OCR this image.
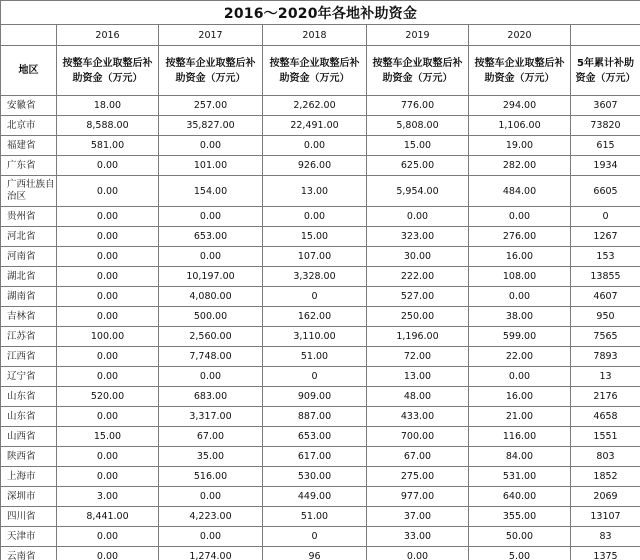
2016～2020年各地补助资金						
	2016	2017	2018	2019	2020	
地区	按整车企业取整后补助资金（万元）	按整车企业取整后补助资金（万元）	按整车企业取整后补助资金（万元）	按整车企业取整后补助资金（万元）	按整车企业取整后补助资金（万元）	5年累计补助资金（万元）
安徽省	18.00	257.00	2,262.00	776.00	294.00	3607
北京市	8,588.00	35,827.00	22,491.00	5,808.00	1,106.00	73820
福建省	581.00	0.00	0.00	15.00	19.00	615
广东省	0.00	101.00	926.00	625.00	282.00	1934
广西壮族自治区	0.00	154.00	13.00	5,954.00	484.00	6605
贵州省	0.00	0.00	0.00	0.00	0.00	0
河北省	0.00	653.00	15.00	323.00	276.00	1267
河南省	0.00	0.00	107.00	30.00	16.00	153
湖北省	0.00	10,197.00	3,328.00	222.00	108.00	13855
湖南省	0.00	4,080.00	0	527.00	0.00	4607
吉林省	0.00	500.00	162.00	250.00	38.00	950
江苏省	100.00	2,560.00	3,110.00	1,196.00	599.00	7565
江西省	0.00	7,748.00	51.00	72.00	22.00	7893
辽宁省	0.00	0.00	0	13.00	0.00	13
山东省	520.00	683.00	909.00	48.00	16.00	2176
山东省	0.00	3,317.00	887.00	433.00	21.00	4658
山西省	15.00	67.00	653.00	700.00	116.00	1551
陕西省	0.00	35.00	617.00	67.00	84.00	803
上海市	0.00	516.00	530.00	275.00	531.00	1852
深圳市	3.00	0.00	449.00	977.00	640.00	2069
四川省	8,441.00	4,223.00	51.00	37.00	355.00	13107
天津市	0.00	0.00	0	33.00	50.00	83
云南省	0.00	1,274.00	96	0.00	5.00	1375
